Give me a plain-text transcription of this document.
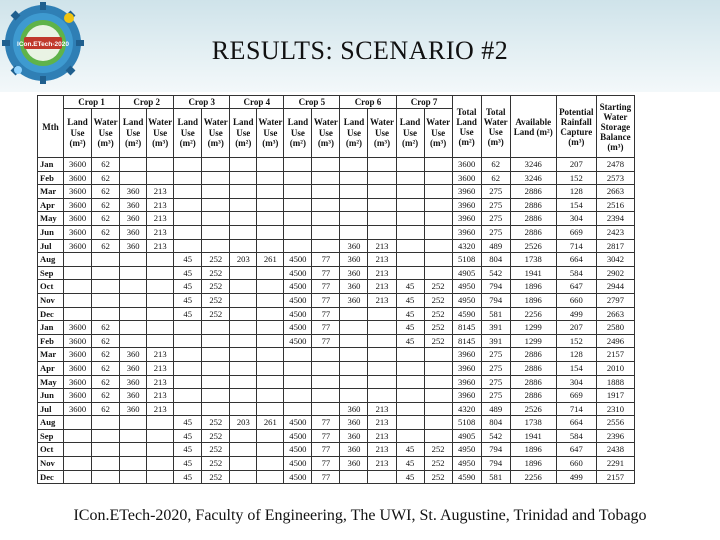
ICon.ETech-2020	RESULTS: SCENARIO #2
Mth	Crop 1		Crop 2		Crop 3		Crop 4		Crop 5		Crop 6		Crop 7		Total Land Use (m²)	Total Water Use (m³)	Available Land (m²)	Potential Rainfall Capture (m³)	Starting Water Storage Balance (m³)
	Land Use (m²)	Water Use (m³)	Land Use (m²)	Water Use (m³)	Land Use (m²)	Water Use (m³)	Land Use (m²)	Water Use (m³)	Land Use (m²)	Water Use (m³)	Land Use (m²)	Water Use (m³)	Land Use (m²)	Water Use (m³)					
Jan	3600	62													3600	62	3246	207	2478
Feb	3600	62													3600	62	3246	152	2573
Mar	3600	62	360	213											3960	275	2886	128	2663
Apr	3600	62	360	213											3960	275	2886	154	2516
May	3600	62	360	213											3960	275	2886	304	2394
Jun	3600	62	360	213											3960	275	2886	669	2423
Jul	3600	62	360	213							360	213			4320	489	2526	714	2817
Aug					45	252	203	261	4500	77	360	213			5108	804	1738	664	3042
Sep					45	252			4500	77	360	213			4905	542	1941	584	2902
Oct					45	252			4500	77	360	213	45	252	4950	794	1896	647	2944
Nov					45	252			4500	77	360	213	45	252	4950	794	1896	660	2797
Dec					45	252			4500	77			45	252	4590	581	2256	499	2663
Jan	3600	62							4500	77			45	252	8145	391	1299	207	2580
Feb	3600	62							4500	77			45	252	8145	391	1299	152	2496
Mar	3600	62	360	213											3960	275	2886	128	2157
Apr	3600	62	360	213											3960	275	2886	154	2010
May	3600	62	360	213											3960	275	2886	304	1888
Jun	3600	62	360	213											3960	275	2886	669	1917
Jul	3600	62	360	213							360	213			4320	489	2526	714	2310
Aug					45	252	203	261	4500	77	360	213			5108	804	1738	664	2556
Sep					45	252			4500	77	360	213			4905	542	1941	584	2396
Oct					45	252			4500	77	360	213	45	252	4950	794	1896	647	2438
Nov					45	252			4500	77	360	213	45	252	4950	794	1896	660	2291
Dec					45	252			4500	77			45	252	4590	581	2256	499	2157
ICon.ETech-2020, Faculty of Engineering, The UWI, St. Augustine, Trinidad and Tobago
